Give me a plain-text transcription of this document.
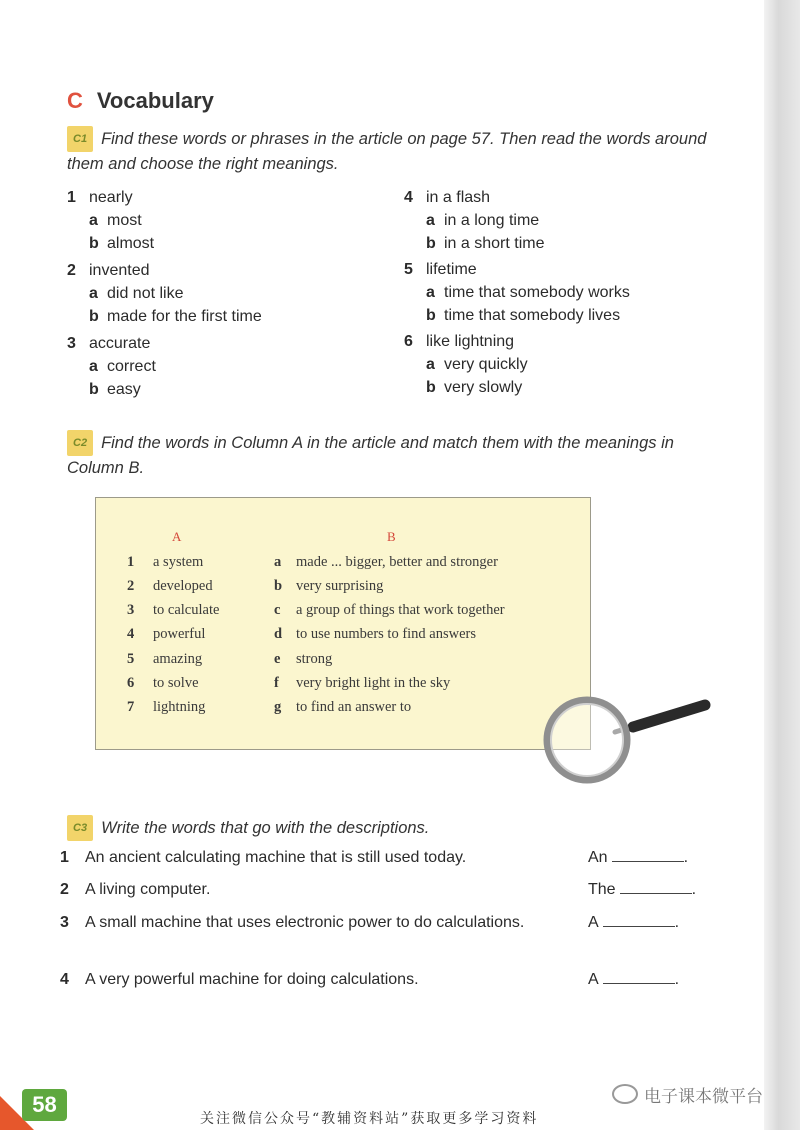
C Vocabulary
C1 Find these words or phrases in the article on page 57. Then read the words around them and choose the right meanings.
1 nearly
a most
b almost
2 invented
a did not like
b made for the first time
3 accurate
a correct
b easy
4 in a flash
a in a long time
b in a short time
5 lifetime
a time that somebody works
b time that somebody lives
6 like lightning
a very quickly
b very slowly
C2 Find the words in Column A in the article and match them with the meanings in Column B.
A	B
1 a system	a made ... bigger, better and stronger
2 developed	b very surprising
3 to calculate	c a group of things that work together
4 powerful	d to use numbers to find answers
5 amazing	e strong
6 to solve	f very bright light in the sky
7 lightning	g to find an answer to
C3 Write the words that go with the descriptions.
1 An ancient calculating machine that is still used today.	An	.
2 A living computer.	The	.
3 A small machine that uses electronic power to do calculations.	A	.
4 A very powerful machine for doing calculations.	A	.
58
关注微信公众号“教辅资料站”获取更多学习资料
电子课本微平台
